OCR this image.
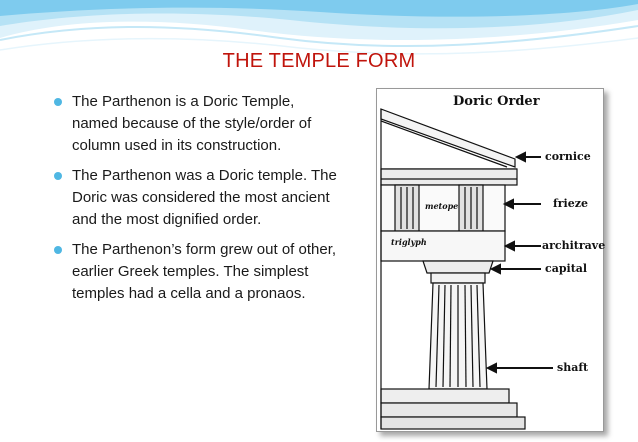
THE TEMPLE FORM
The Parthenon is a Doric Temple, named because of the style/order of column used in its construction.
The Parthenon was a Doric temple. The Doric was considered the most ancient and the most dignified order.
The Parthenon’s form grew out of other, earlier Greek temples. The simplest temples had a cella and a pronaos.
Doric Order
cornice
frieze
architrave
capital
shaft
metope
triglyph
